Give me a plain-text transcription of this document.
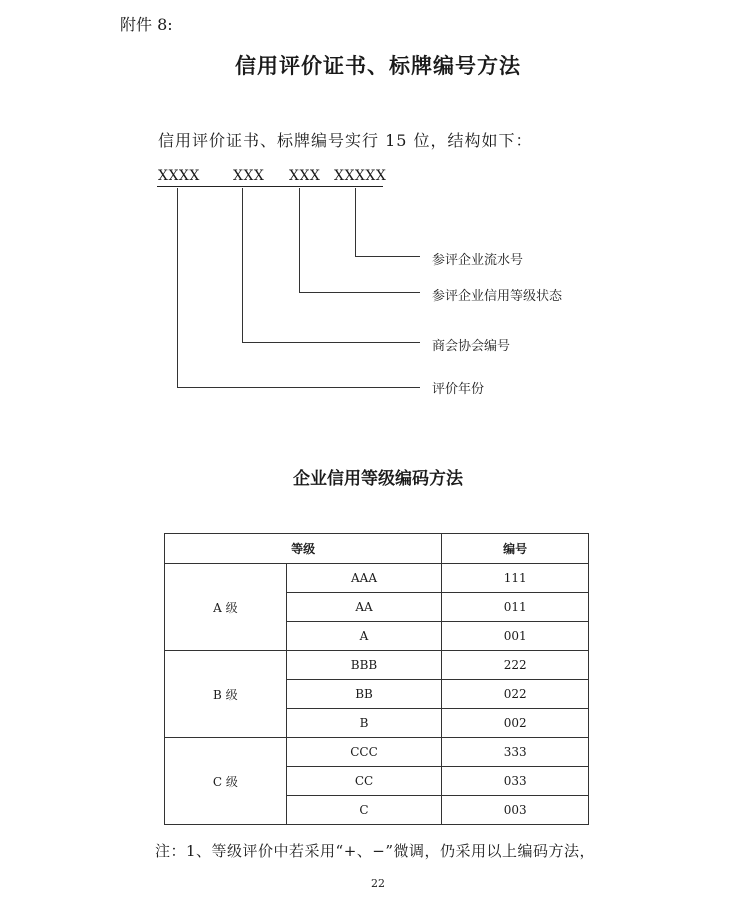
附件 8:
信用评价证书、标牌编号方法
信用评价证书、标牌编号实行 15 位，结构如下：
XXXX XXX XXX XXXXX
参评企业流水号
参评企业信用等级状态
商会协会编号
评价年份
企业信用等级编码方法
等级		编号
A 级	AAA	111
	AA	011
	A	001
B 级	BBB	222
	BB	022
	B	002
C 级	CCC	333
	CC	033
	C	003
注：1、等级评价中若采用“+、−”微调，仍采用以上编码方法，
22
